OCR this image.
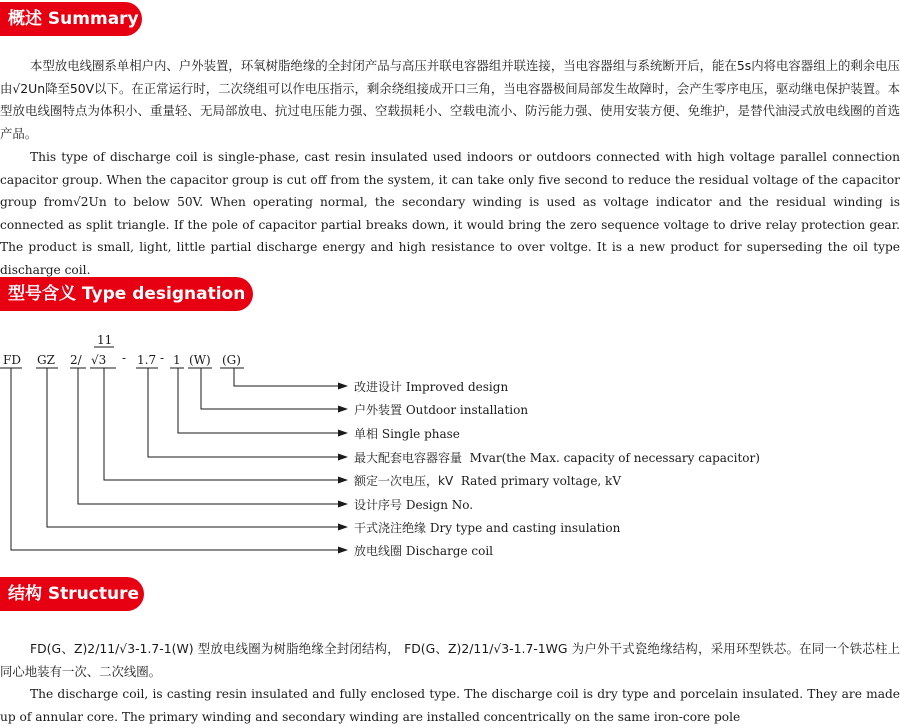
概述 Summary

本型放电线圈系单相户内、户外装置，环氧树脂绝缘的全封闭产品与高压并联电容器组并联连接，当电容器组与系统断开后，能在5s内将电容器组上的剩余电压由√2Un降至50V以下。在正常运行时，二次绕组可以作电压指示，剩余绕组接成开口三角，当电容器极间局部发生故障时，会产生零序电压，驱动继电保护装置。本型放电线圈特点为体积小、重量轻、无局部放电、抗过电压能力强、空载损耗小、空载电流小、防污能力强、使用安装方便、免维护，是替代油浸式放电线圈的首选产品。

This type of discharge coil is single-phase, cast resin insulated used indoors or outdoors connected with high voltage parallel connection capacitor group. When the capacitor group is cut off from the system, it can take only five second to reduce the residual voltage of the capacitor group from√2Un to below 50V. When operating normal, the secondary winding is used as voltage indicator and the residual winding is connected as split triangle. If the pole of capacitor partial breaks down, it would bring the zero sequence voltage to drive relay protection gear. The product is small, light, little partial discharge energy and high resistance to over voltge. It is a new product for superseding the oil type discharge coil.

型号含义 Type designation
FD GZ 2/
11
√3 - 1.7 - 1 (W) (G)
改进设计 Improved design
户外装置 Outdoor installation
单相 Single phase
最大配套电容器容量 Mvar(the Max. capacity of necessary capacitor)
额定一次电压，kV Rated primary voltage, kV
设计序号 Design No.
干式浇注绝缘 Dry type and casting insulation
放电线圈 Discharge coil
结构 Structure

FD(G、Z)2/11/√3-1.7-1(W) 型放电线圈为树脂绝缘全封闭结构， FD(G、Z)2/11/√3-1.7-1WG 为户外干式瓷绝缘结构，采用环型铁芯。在同一个铁芯柱上同心地装有一次、二次线圈。

The discharge coil, is casting resin insulated and fully enclosed type. The discharge coil is dry type and porcelain insulated. They are made up of annular core. The primary winding and secondary winding are installed concentrically on the same iron-core pole
